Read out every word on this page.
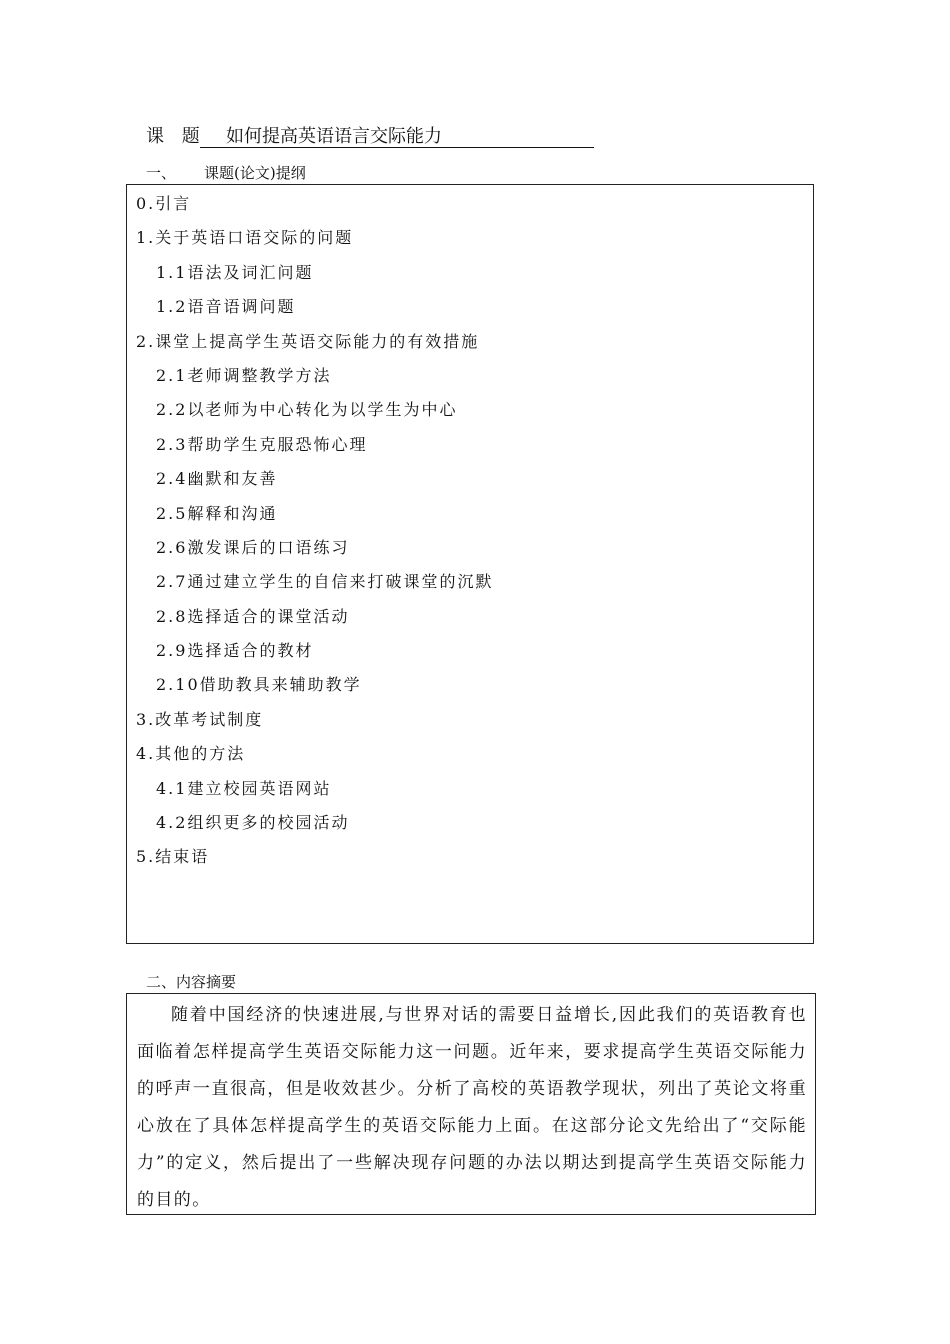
课 题	如何提高英语语言交际能力
一、 课题(论文)提纲
0.引言
1.关于英语口语交际的问题
1.1语法及词汇问题
1.2语音语调问题
2.课堂上提高学生英语交际能力的有效措施
2.1老师调整教学方法
2.2以老师为中心转化为以学生为中心
2.3帮助学生克服恐怖心理
2.4幽默和友善
2.5解释和沟通
2.6激发课后的口语练习
2.7通过建立学生的自信来打破课堂的沉默
2.8选择适合的课堂活动
2.9选择适合的教材
2.10借助教具来辅助教学
3.改革考试制度
4.其他的方法
4.1建立校园英语网站
4.2组织更多的校园活动
5.结束语
二、内容摘要

随着中国经济的快速进展,与世界对话的需要日益增长,因此我们的英语教育也面临着怎样提高学生英语交际能力这一问题。近年来，要求提高学生英语交际能力的呼声一直很高，但是收效甚少。分析了高校的英语教学现状，列出了英论文将重心放在了具体怎样提高学生的英语交际能力上面。在这部分论文先给出了“交际能力”的定义，然后提出了一些解决现存问题的办法以期达到提高学生英语交际能力的目的。
